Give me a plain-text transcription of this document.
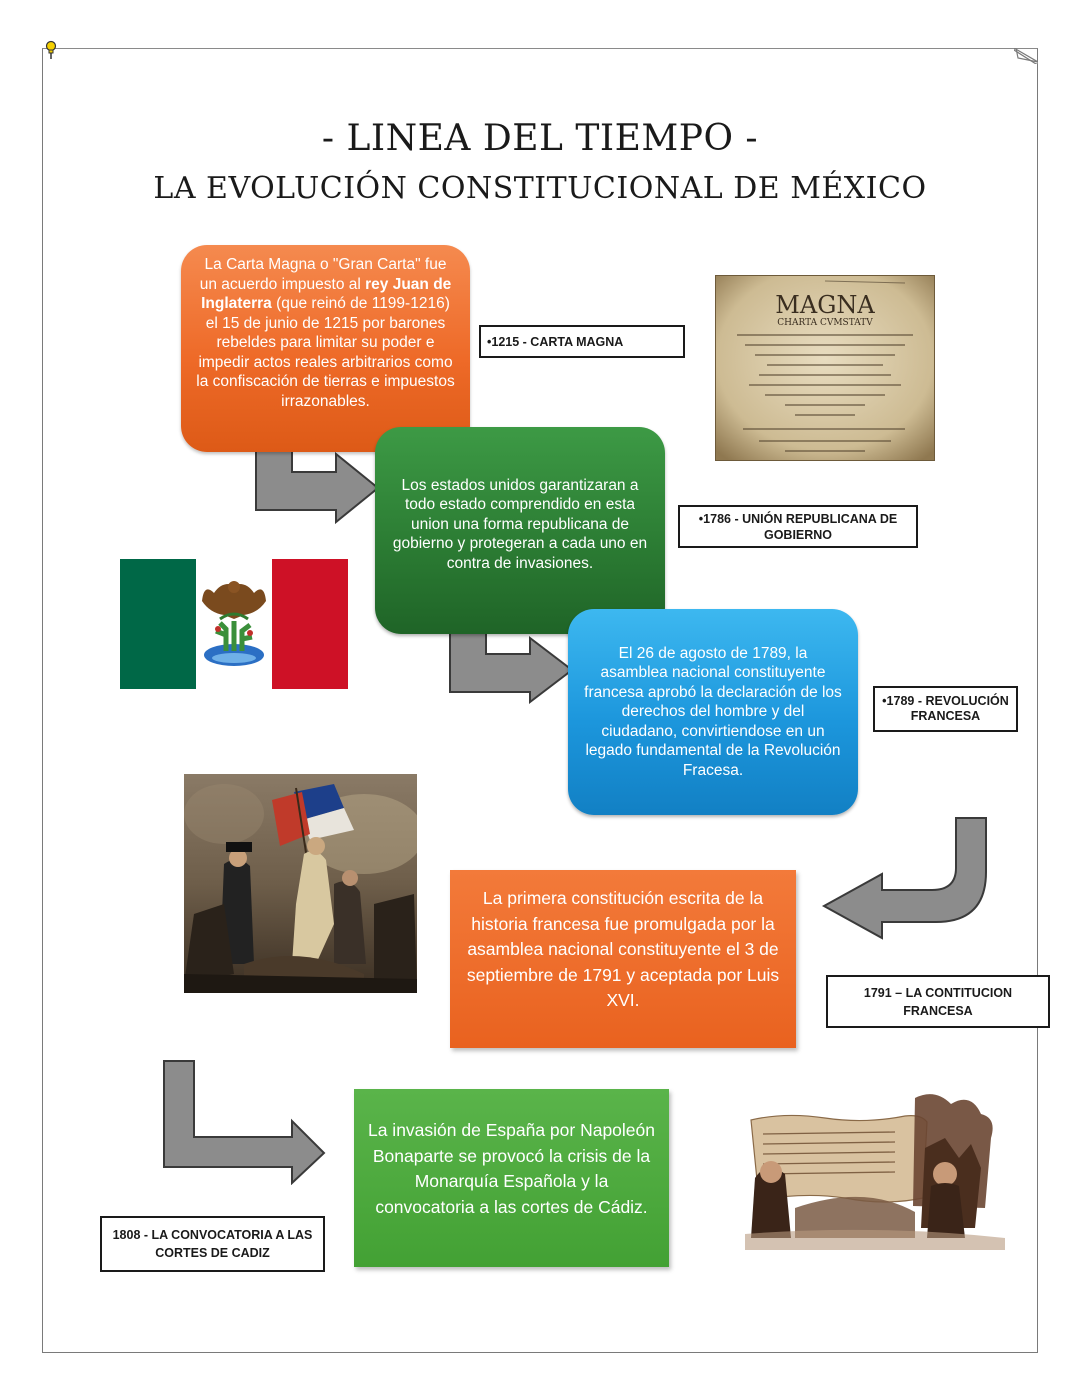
- LINEA DEL TIEMPO -
LA EVOLUCIÓN CONSTITUCIONAL DE MÉXICO
La Carta Magna o "Gran Carta" fue un acuerdo impuesto al rey Juan de Inglaterra (que reinó de 1199-1216) el 15 de junio de 1215 por barones rebeldes para limitar su poder e impedir actos reales arbitrarios como la confiscación de tierras e impuestos irrazonables.
•1215 - CARTA MAGNA
MAGNA
CHARTA CVMSTATV
Los estados unidos garantizaran a todo estado comprendido en esta union una forma republicana de gobierno y protegeran a cada uno en contra de invasiones.
•1786 - UNIÓN REPUBLICANA DE GOBIERNO
El 26 de agosto de 1789, la asamblea nacional constituyente francesa aprobó la declaración de los derechos del hombre y del ciudadano, convirtiendose en un legado fundamental de la Revolución Fracesa.
•1789 - REVOLUCIÓN FRANCESA
La primera constitución escrita de la historia francesa fue promulgada por la asamblea nacional constituyente el 3 de septiembre de 1791 y aceptada por Luis XVI.	1791 – LA CONTITUCION FRANCESA
La invasión de España por Napoleón Bonaparte se provocó la crisis de la Monarquía Española y la convocatoria a las cortes de Cádiz.
1808 - LA CONVOCATORIA A LAS CORTES DE CADIZ
